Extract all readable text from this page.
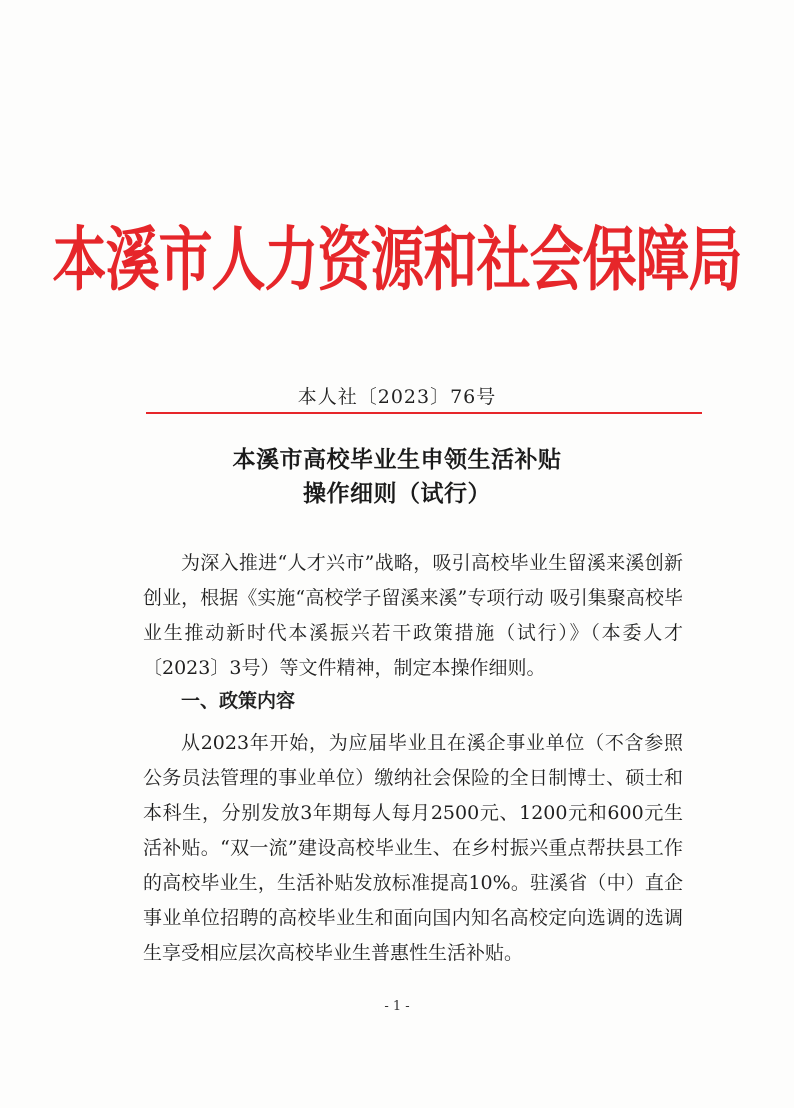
本溪市人力资源和社会保障局
本人社〔2023〕76号
本溪市高校毕业生申领生活补贴
操作细则（试行）

为深入推进“人才兴市”战略，吸引高校毕业生留溪来溪创新创业，根据《实施“高校学子留溪来溪”专项行动 吸引集聚高校毕业生推动新时代本溪振兴若干政策措施（试行）》（本委人才〔2023〕3号）等文件精神，制定本操作细则。

一、政策内容

从2023年开始，为应届毕业且在溪企事业单位（不含参照公务员法管理的事业单位）缴纳社会保险的全日制博士、硕士和本科生，分别发放3年期每人每月2500元、1200元和600元生活补贴。“双一流”建设高校毕业生、在乡村振兴重点帮扶县工作的高校毕业生，生活补贴发放标准提高10%。驻溪省（中）直企事业单位招聘的高校毕业生和面向国内知名高校定向选调的选调生享受相应层次高校毕业生普惠性生活补贴。

- 1 -
